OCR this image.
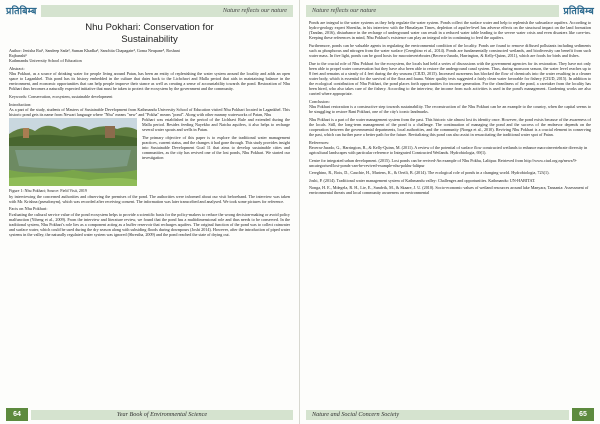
प्रतिबिम्ब	Nature reflects our nature
Nhu Pokhari: Conservation for
Sustainability
Author: Jenisha Rai¹, Sandeep Sada², Suman Khadka³, Sanchita Chapagain⁴, Goma Neupane⁵, Roshani
Rajbanshi⁶
Kathmandu University School of Education
Abstract:

Nhu Pokhari, as a source of drinking water for people living around Patan, has been an entity of replenishing the water system around the locality and adds an open space to Lagankhel. This pond has its history embedded in the culture that dates back to the Lichchavi and Malla period that aids in maintaining balance in the environment, and economic opportunities that can help people improve their stance as well as creating a sense of accountability towards the pond. Restoration of Nhu Pokhari thus becomes a naturally expected initiative that must be taken to protect the ecosystem by the government and the community.

Keywords: Conservation, ecosystem, sustainable development

Introduction:

As a part of the study, students of Masters of Sustainable Development from Kathmandu University School of Education visited Nhu Pokhari located in Lagankhel. This historic pond gets its name from Newari language where "Nhu" means "new" and "Pokha" means "pond". Along with other mamny waterworks of Patan, Nhu

Figure 1: Nhu Pokhari; Source: Field Visit, 2019

Pokhari was established in the period of the Lichhavi Rule and extended during the Malla period. Besides feeding Nayekho and Natcha aquifers, it also helps to recharge several water spouts and wells in Patan.

The primary objective of this paper is to explore the traditional water management practices, current status, and the changes it had gone through. This study provides insight into Sustainable Development Goal 11 that aims to develop sustainable cities and communities, as the city has revived one of the lost ponds, Nhu Pokhari. We started our investigation

by interviewing the concerned authorities and observing the premises of the pond. The authorities were informed about our visit beforehand. The interview was taken with Mr. Krishna (pseudonym), which was recorded after receiving consent. The information was later transcribed and analysed. We took some pictures for reference.

Facts on Nhu Pokhari:

Evaluating the cultural service value of the pond ecosystem helps to provide a scientific basis for the policy-makers to reduce the wrong decision-making or avoid policy malfunction (Yiheng et al., 2009). From the interview and literature review, we found that the pond has a multidimensional role and thus needs to be conserved. In the traditional system, Nhu Pokhari's role lies as a component acting as a buffer reservoir that recharges aquifers. The original function of the pond was to collect rainwater and surface water, which could be used during the dry season along with subsiding floods during downpours (Joshi 2014). However, after the introduction of piped water systems in the valley, the naturally regulated water system was ignored (Shrestha, 2009) and the pond reached the state of drying out.

64	Year Book of Environmental Science
Nature reflects our nature	प्रतिबिम्ब

Ponds are integral to the water systems as they help regulate the water system. Ponds collect the surface water and help to replenish the subsurface aquifers. According to hydro-geology expert Shrestha, in his interview with the Himalayan Times, depletion of aquifer-level has adverse effects on the structural impact on the land formation (Tandan, 2016), disturbance in the recharge of underground water can result in a reduced water table leading to the severe water crisis and even disasters like cave-ins. Keeping these references in mind, Nhu Pokhari's existence can play an integral role in continuing to feed the aquifers.

Furthermore, ponds can be valuable agents in regulating the environmental condition of the locality. Ponds are found to remove diffused pollutants including sediments such as phosphorus and nitrogen from the water surface (Cereghino et al., 2014). Ponds are fundamentally constructed wetlands, and biodiversity can benefit from such water mass. In five light, ponds can be good hosts for macroinvertebrates (Becerra-Jurado, Harrington, & Kelly-Quinn, 2011), which are foods for birds and fishes.

Due to the crucial role of Nhu Pokhari for the ecosystem, the locals had held a series of discussions with the government agencies for its restoration. They have not only been able to propel water conservation but they have also been able to restore the underground canal system. Thus, during monsoon season, the water level reaches up to 8 feet and remains at a steady of 4 feet during the dry seasons (CIUD, 2015). Increased awareness has blocked the flow of chemicals into the water resulting in a cleaner water body, which is essential for the survival of the flora and fauna. Water quality tests suggested a fairly clean water favorable for fishery (CIUD, 2015). In addition to the ecological contribution of Nhu Pokhari, the pond places forth opportunities for income generation. For the cleanliness of the pond, a caretaker from the locality has been hired, who also takes care of the fishery. According to the interview, the income from such activities is used in the pond's management. Gardening works are also carried where appropriate.

Conclusion:

Nhu Pokhari restoration is a constructive step towards sustainability. The reconstruction of the Nhu Pokhari can be an example to the country, when the capital seems to be struggling to restore Rani Pokhari, one of the city's iconic landmarks.

Nhu Pokhari is a part of the water management system from the past. This historic site almost lost its identity once. However, the pond exists because of the awareness of the locals. Still, the long-term management of the pond is a challenge. The continuation of managing the pond and the success of the endeavor depends on the cooperation between the governmental departments, local authorities, and the community (Nonga et al., 2010). Reviving Nhu Pokhari is a crucial element in conserving the past, which can further pave a better path for the future. Revitalizing this pond can also assist in resuscitating the traditional water spot of Patan.

References:

Becerra-Jurado, G., Harrington, R., & Kelly-Quinn, M. (2011). A review of the potential of surface flow constructed wetlands to enhance macroinvertebrate diversity in agricultural landscapes with particular reference to Integrated Constructed Wetlands. Hydrobiologia, 69(1).

Centre for integrated urban development. (2015). Lost ponds can be revived-An example of Nhu Pokhu, Lalitpur. Retrieved from http://www.ciud.org.np/news/9-uncategorised/lost-ponds-can-be-revived-example-nhu-pokhu-lalitpur

Cereghino, R., Boix, D., Cauchie, H., Martens, K., & Oertli, B. (2014). The ecological role of ponds in a changing world. Hydrobiologia, 723(1).

Joshi, P. (2014). Traditional water management system of Kathmandu valley: Challenges and opportunities. Kathmandu: UN-HABITAT.

Nonga, H. E., Mdegela, R. H., Lie, E., Sandvik, M., & Skaare, J. U. (2010). Socio-economic values of wetland resources around lake Manyara, Tanzania: Assessment of environmental threats and local community awareness on environmental

Nature and Social Concern Society	65
